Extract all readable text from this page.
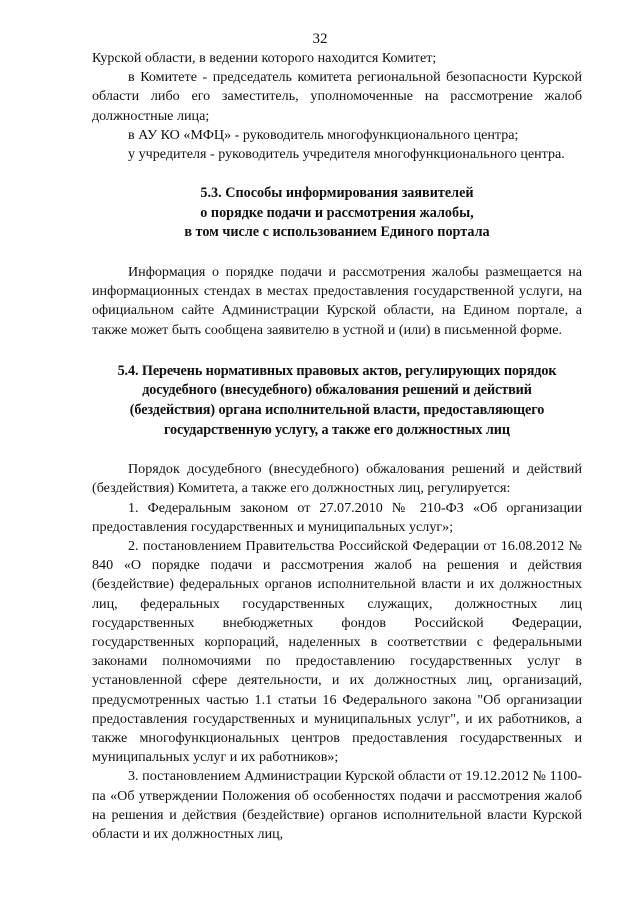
32

Курской области, в ведении которого находится Комитет;

в Комитете - председатель комитета региональной безопасности Курской области либо его заместитель, уполномоченные на рассмотрение жалоб должностные лица;

в АУ КО «МФЦ» - руководитель многофункционального центра;

у учредителя - руководитель учредителя многофункционального центра.

5.3. Способы информирования заявителей
о порядке подачи и рассмотрения жалобы,
в том числе с использованием Единого портала

Информация о порядке подачи и рассмотрения жалобы размещается на информационных стендах в местах предоставления государственной услуги, на официальном сайте Администрации Курской области, на Едином портале, а также может быть сообщена заявителю в устной и (или) в письменной форме.

5.4. Перечень нормативных правовых актов, регулирующих порядок
досудебного (внесудебного) обжалования решений и действий
(бездействия) органа исполнительной власти, предоставляющего
государственную услугу, а также его должностных лиц

Порядок досудебного (внесудебного) обжалования решений и действий (бездействия) Комитета, а также его должностных лиц, регулируется:

1. Федеральным законом от 27.07.2010 № 210-ФЗ «Об организации предоставления государственных и муниципальных услуг»;

2. постановлением Правительства Российской Федерации от 16.08.2012 № 840 «О порядке подачи и рассмотрения жалоб на решения и действия (бездействие) федеральных органов исполнительной власти и их должностных лиц, федеральных государственных служащих, должностных лиц государственных внебюджетных фондов Российской Федерации, государственных корпораций, наделенных в соответствии с федеральными законами полномочиями по предоставлению государственных услуг в установленной сфере деятельности, и их должностных лиц, организаций, предусмотренных частью 1.1 статьи 16 Федерального закона "Об организации предоставления государственных и муниципальных услуг", и их работников, а также многофункциональных центров предоставления государственных и муниципальных услуг и их работников»;

3. постановлением Администрации Курской области от 19.12.2012 № 1100-па «Об утверждении Положения об особенностях подачи и рассмотрения жалоб на решения и действия (бездействие) органов исполнительной власти Курской области и их должностных лиц,
